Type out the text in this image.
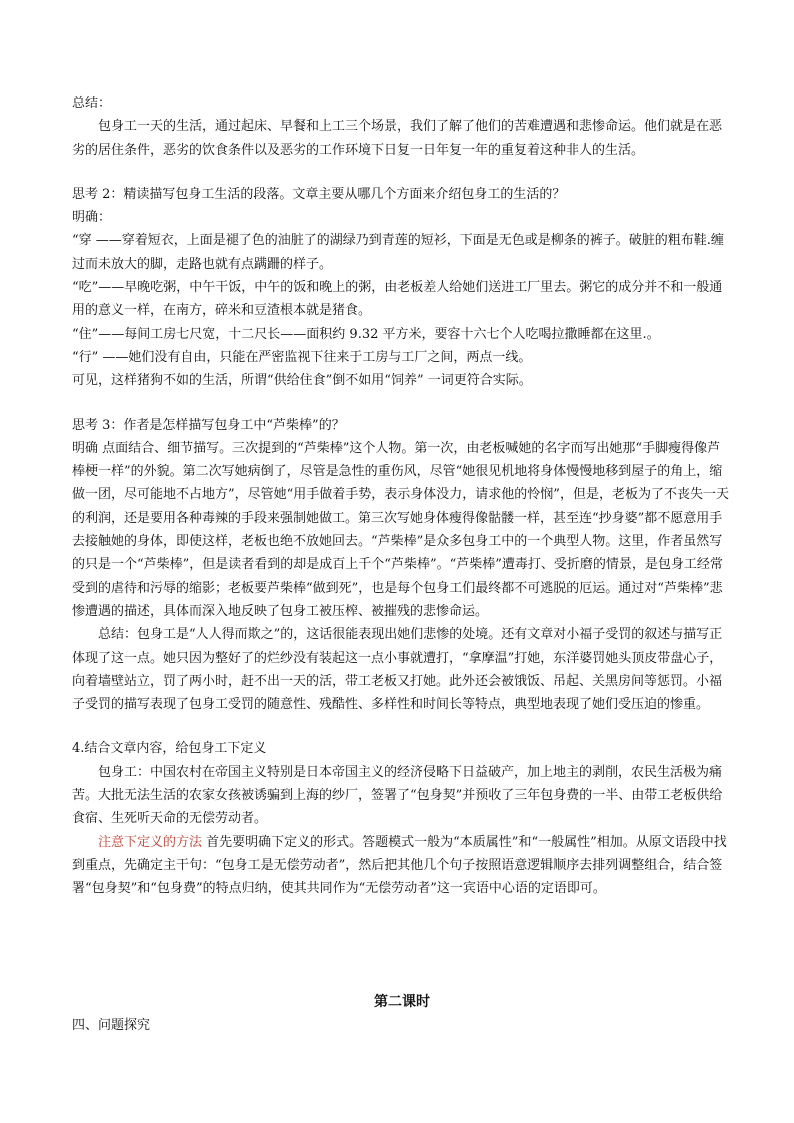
总结：

包身工一天的生活，通过起床、早餐和上工三个场景，我们了解了他们的苦难遭遇和悲惨命运。他们就是在恶劣的居住条件，恶劣的饮食条件以及恶劣的工作环境下日复一日年复一年的重复着这种非人的生活。

思考 2：精读描写包身工生活的段落。文章主要从哪几个方面来介绍包身工的生活的？

明确：

“穿 ——穿着短衣，上面是褪了色的油脏了的湖绿乃到青莲的短衫，下面是无色或是柳条的裤子。破脏的粗布鞋.缠过而未放大的脚，走路也就有点蹒跚的样子。

“吃”——早晚吃粥，中午干饭，中午的饭和晚上的粥，由老板差人给她们送进工厂里去。粥它的成分并不和一般通用的意义一样，在南方，碎米和豆渣根本就是猪食。

“住”——每间工房七尺宽，十二尺长——面积约 9.32 平方米，要容十六七个人吃喝拉撒睡都在这里.。

“行” ——她们没有自由，只能在严密监视下往来于工房与工厂之间，两点一线。

可见，这样猪狗不如的生活，所谓“供给住食”倒不如用“饲养” 一词更符合实际。

思考 3：作者是怎样描写包身工中“芦柴棒”的？

明确 点面结合、细节描写。三次提到的“芦柴棒”这个人物。第一次，由老板喊她的名字而写出她那“手脚瘦得像芦棒梗一样”的外貌。第二次写她病倒了，尽管是急性的重伤风，尽管“她很见机地将身体慢慢地移到屋子的角上，缩做一团，尽可能地不占地方”，尽管她“用手做着手势，表示身体没力，请求他的怜悯”，但是，老板为了不丧失一天的利润，还是要用各种毒辣的手段来强制她做工。第三次写她身体瘦得像骷髅一样，甚至连“抄身婆”都不愿意用手去接触她的身体，即使这样，老板也绝不放她回去。“芦柴棒”是众多包身工中的一个典型人物。这里，作者虽然写的只是一个“芦柴棒”，但是读者看到的却是成百上千个“芦柴棒”。“芦柴棒”遭毒打、受折磨的情景，是包身工经常受到的虐待和污辱的缩影；老板要芦柴棒“做到死”，也是每个包身工们最终都不可逃脱的厄运。通过对“芦柴棒”悲惨遭遇的描述，具体而深入地反映了包身工被压榨、被摧残的悲惨命运。

总结：包身工是“人人得而欺之”的，这话很能表现出她们悲惨的处境。还有文章对小福子受罚的叙述与描写正体现了这一点。她只因为整好了的烂纱没有装起这一点小事就遭打，“拿摩温”打她，东洋婆罚她头顶皮带盘心子，向着墙壁站立，罚了两小时，赶不出一天的活，带工老板又打她。此外还会被饿饭、吊起、关黑房间等惩罚。小福子受罚的描写表现了包身工受罚的随意性、残酷性、多样性和时间长等特点，典型地表现了她们受压迫的惨重。

4.结合文章内容，给包身工下定义

包身工：中国农村在帝国主义特别是日本帝国主义的经济侵略下日益破产，加上地主的剥削，农民生活极为痛苦。大批无法生活的农家女孩被诱骗到上海的纱厂，签署了“包身契”并预收了三年包身费的一半、由带工老板供给食宿、生死听天命的无偿劳动者。

注意下定义的方法 首先要明确下定义的形式。答题模式一般为“本质属性”和“一般属性”相加。从原文语段中找到重点，先确定主干句：“包身工是无偿劳动者”，然后把其他几个句子按照语意逻辑顺序去排列调整组合，结合签署“包身契”和“包身费”的特点归纳，使其共同作为“无偿劳动者”这一宾语中心语的定语即可。

第二课时

四、问题探究
